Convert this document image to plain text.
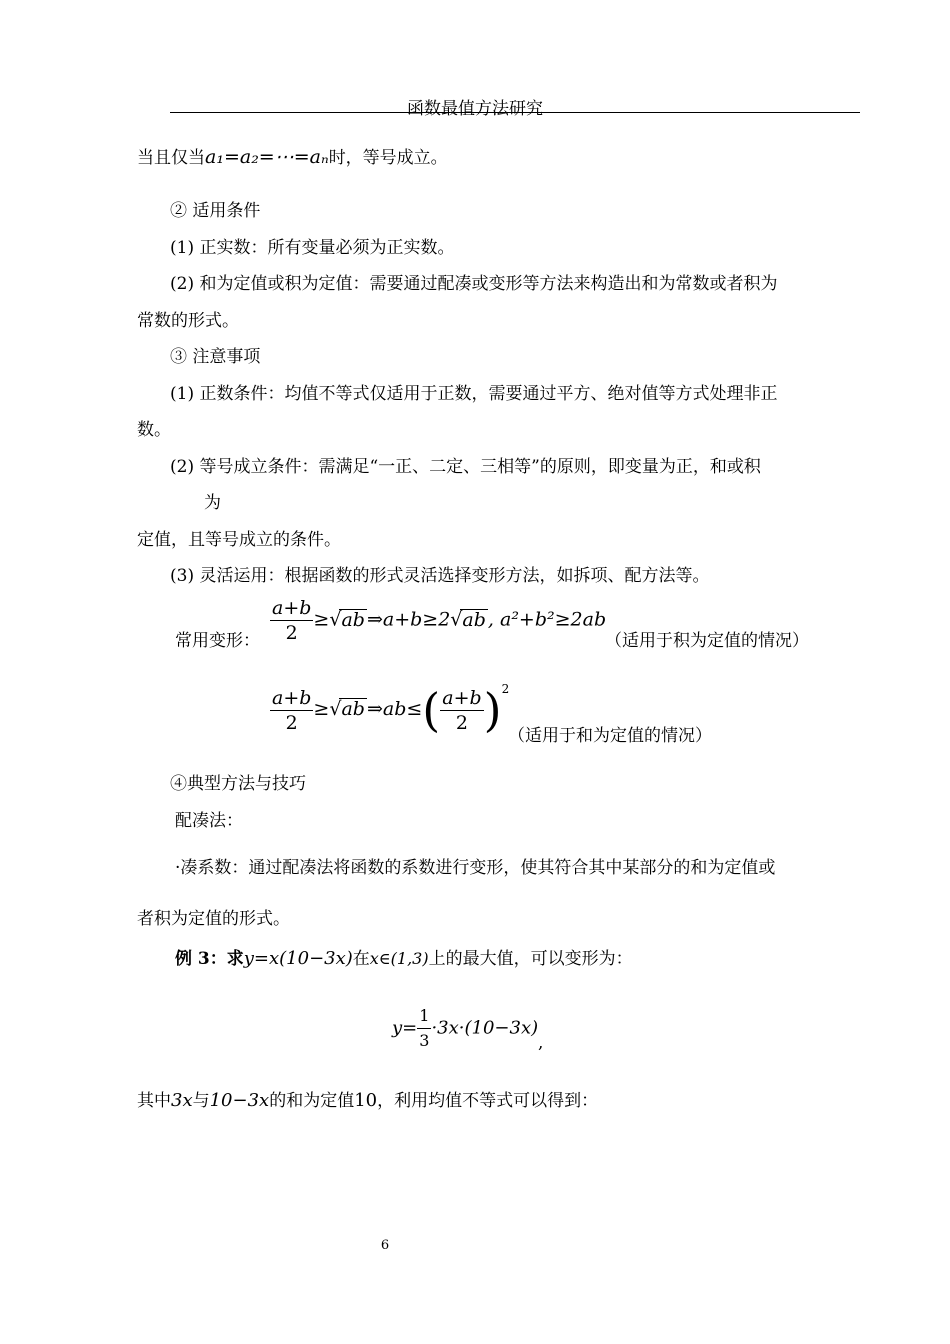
函数最值方法研究
当且仅当a₁=a₂=⋯=aₙ时，等号成立。
② 适用条件
(1) 正实数：所有变量必须为正实数。
(2) 和为定值或积为定值：需要通过配凑或变形等方法来构造出和为常数或者积为
常数的形式。
③ 注意事项
(1) 正数条件：均值不等式仅适用于正数，需要通过平方、绝对值等方式处理非正
数。
(2) 等号成立条件：需满足“一正、二定、三相等”的原则，即变量为正，和或积
为
定值，且等号成立的条件。
(3) 灵活运用：根据函数的形式灵活选择变形方法，如拆项、配方法等。
常用变形： $\frac{a+b}{2} \ge√ab$ ⇒a+b≥2√ab , a²+b²≥2ab
（适用于积为定值的情况）
$\frac{a+b}{2} \ge√ab$ ⇒ab≤( $\frac{a+b}{2} )^2$
（适用于和为定值的情况）
④典型方法与技巧
配凑法：
·凑系数：通过配凑法将函数的系数进行变形，使其符合其中某部分的和为定值或
者积为定值的形式。
例 3：求y=x(10−3x)在x∈(1,3)上的最大值，可以变形为：
$y= \frac{1}{3} \cdot 3x\cdot(10-3x)$
,
其中3x与10−3x的和为定值10，利用均值不等式可以得到：
6
